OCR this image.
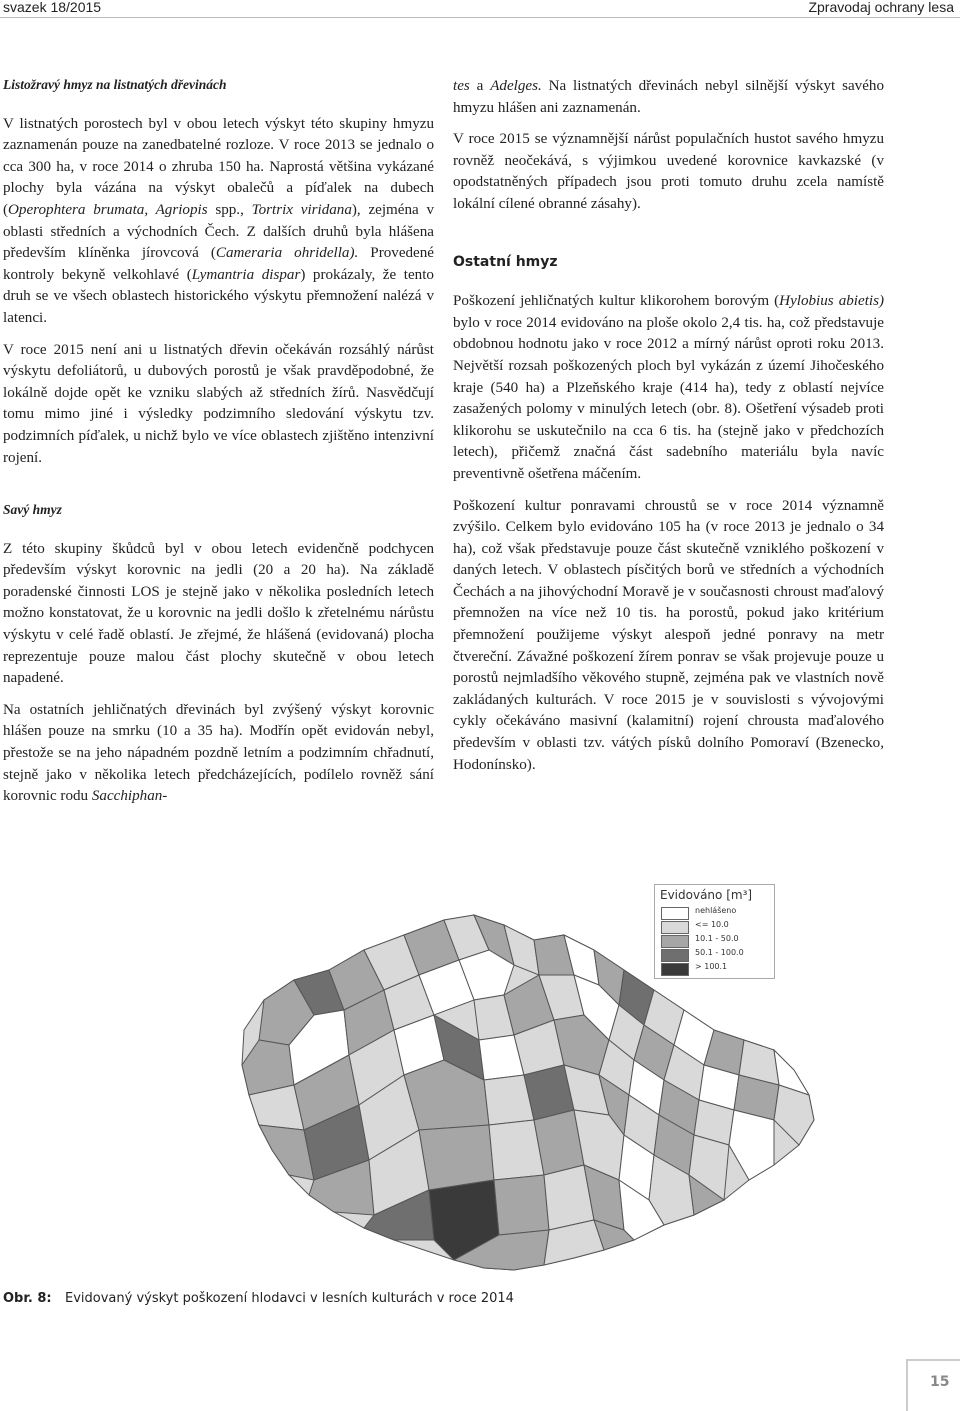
svazek 18/2015	Zpravodaj ochrany lesa
Listožravý hmyz na listnatých dřevinách

V listnatých porostech byl v obou letech výskyt této skupiny hmyzu zaznamenán pouze na zanedbatelné rozloze. V roce 2013 se jednalo o cca 300 ha, v roce 2014 o zhruba 150 ha. Naprostá většina vykázané plochy byla vázána na výskyt obalečů a píďalek na dubech (Operophtera brumata, Agriopis spp., Tortrix viridana), zejména v oblasti středních a východních Čech. Z dalších druhů byla hlášena především klíněnka jírovcová (Cameraria ohridella). Provedené kontroly bekyně velkohlavé (Lymantria dispar) prokázaly, že tento druh se ve všech oblastech historického výskytu přemnožení nalézá v latenci.

V roce 2015 není ani u listnatých dřevin očekáván rozsáhlý nárůst výskytu defoliátorů, u dubových porostů je však pravděpodobné, že lokálně dojde opět ke vzniku slabých až středních žírů. Nasvědčují tomu mimo jiné i výsledky podzimního sledování výskytu tzv. podzimních píďalek, u nichž bylo ve více oblastech zjištěno intenzivní rojení.

Savý hmyz

Z této skupiny škůdců byl v obou letech evidenčně podchycen především výskyt korovnic na jedli (20 a 20 ha). Na základě poradenské činnosti LOS je stejně jako v několika posledních letech možno konstatovat, že u korovnic na jedli došlo k zřetelnému nárůstu výskytu v celé řadě oblastí. Je zřejmé, že hlášená (evidovaná) plocha reprezentuje pouze malou část plochy skutečně v obou letech napadené.

Na ostatních jehličnatých dřevinách byl zvýšený výskyt korovnic hlášen pouze na smrku (10 a 35 ha). Modřín opět evidován nebyl, přestože se na jeho nápadném pozdně letním a podzimním chřadnutí, stejně jako v několika letech předcházejících, podílelo rovněž sání korovnic rodu Sacchiphan-

tes a Adelges. Na listnatých dřevinách nebyl silnější výskyt savého hmyzu hlášen ani zaznamenán.

V roce 2015 se významnější nárůst populačních hustot savého hmyzu rovněž neočekává, s výjimkou uvedené korovnice kavkazské (v opodstatněných případech jsou proti tomuto druhu zcela namístě lokální cílené obranné zásahy).

Ostatní hmyz

Poškození jehličnatých kultur klikorohem borovým (Hylobius abietis) bylo v roce 2014 evidováno na ploše okolo 2,4 tis. ha, což představuje obdobnou hodnotu jako v roce 2012 a mírný nárůst oproti roku 2013. Největší rozsah poškozených ploch byl vykázán z území Jihočeského kraje (540 ha) a Plzeňského kraje (414 ha), tedy z oblastí nejvíce zasažených polomy v minulých letech (obr. 8). Ošetření výsadeb proti klikorohu se uskutečnilo na cca 6 tis. ha (stejně jako v předchozích letech), přičemž značná část sadebního materiálu byla navíc preventivně ošetřena máčením.

Poškození kultur ponravami chroustů se v roce 2014 významně zvýšilo. Celkem bylo evidováno 105 ha (v roce 2013 je jednalo o 34 ha), což však představuje pouze část skutečně vzniklého poškození v daných letech. V oblastech písčitých borů ve středních a východních Čechách a na jihovýchodní Moravě je v současnosti chroust maďalový přemnožen na více než 10 tis. ha porostů, pokud jako kritérium přemnožení použijeme výskyt alespoň jedné ponravy na metr čtvereční. Závažné poškození žírem ponrav se však projevuje pouze u porostů nejmladšího věkového stupně, zejména pak ve vlastních nově zakládaných kulturách. V roce 2015 je v souvislosti s vývojovými cykly očekáváno masivní (kalamitní) rojení chrousta maďalového především v oblasti tzv. vátých písků dolního Pomoraví (Bzenecko, Hodonínsko).

Evidováno [m³]
nehlášeno
<= 10.0
10.1 - 50.0
50.1 - 100.0
> 100.1
Obr. 8: Evidovaný výskyt poškození hlodavci v lesních kulturách v roce 2014
15
